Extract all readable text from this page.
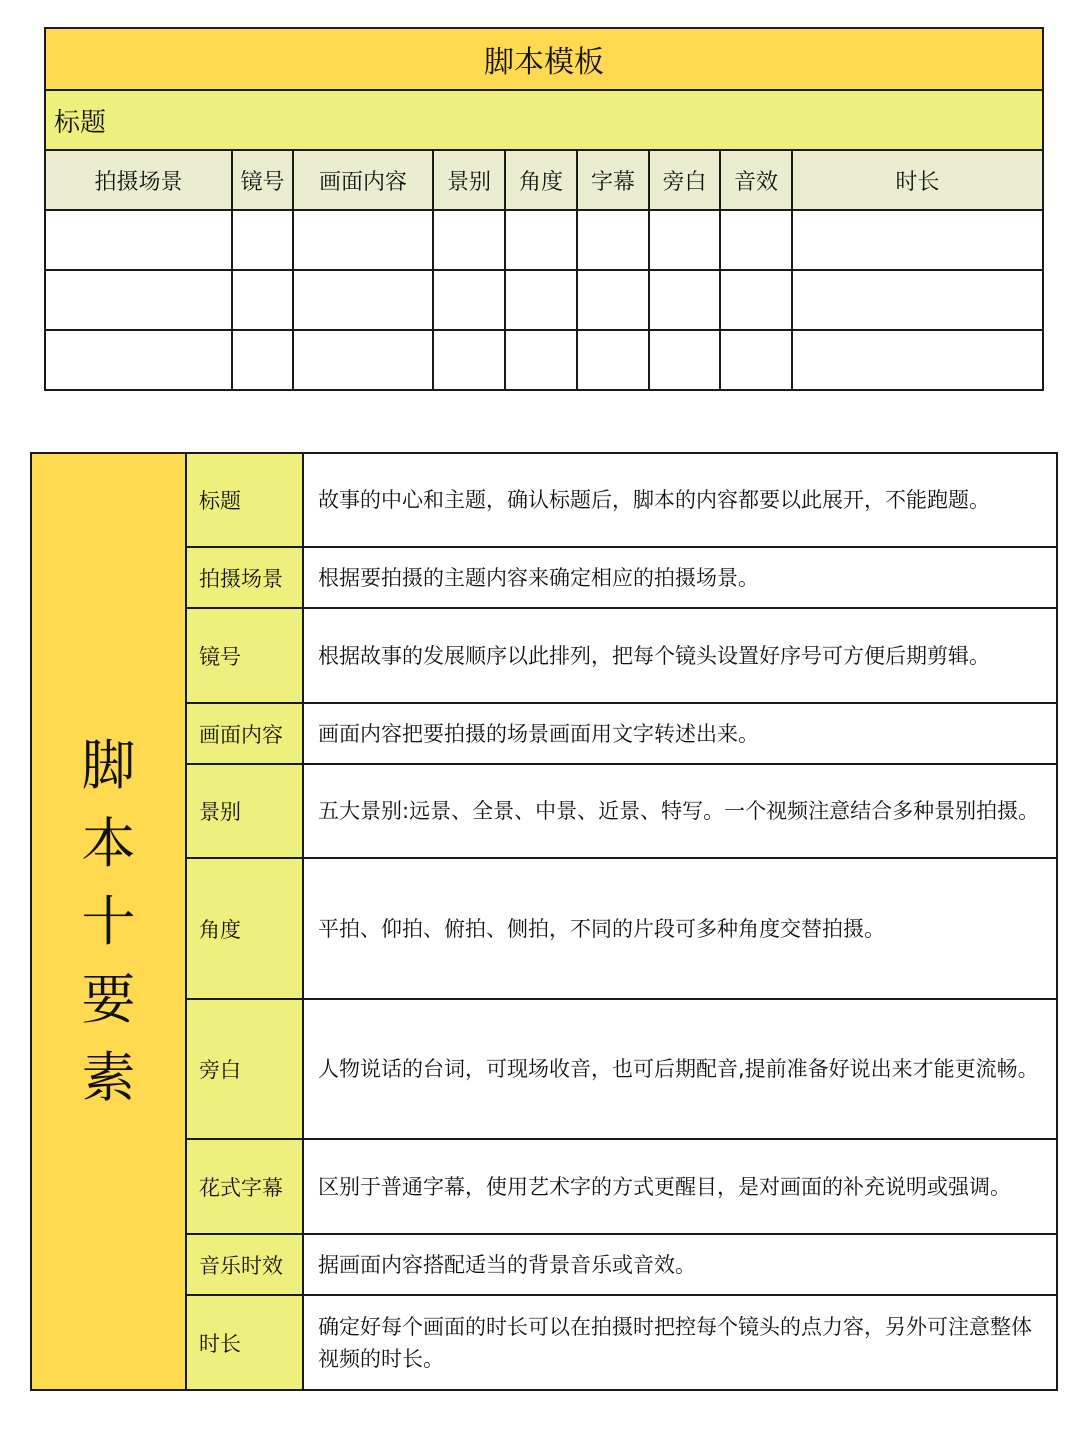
脚本模板								
标题								
拍摄场景	镜号	画面内容	景别	角度	字幕	旁白	音效	时长

脚
本
十
要
素	标题	故事的中心和主题，确认标题后，脚本的内容都要以此展开，不能跑题。
	拍摄场景	根据要拍摄的主题内容来确定相应的拍摄场景。
	镜号	根据故事的发展顺序以此排列，把每个镜头设置好序号可方便后期剪辑。
	画面内容	画面内容把要拍摄的场景画面用文字转述出来。
	景别	五大景别:远景、全景、中景、近景、特写。一个视频注意结合多种景别拍摄。
	角度	平拍、仰拍、俯拍、侧拍，不同的片段可多种角度交替拍摄。
	旁白	人物说话的台词，可现场收音，也可后期配音,提前准备好说出来才能更流畅。
	花式字幕	区别于普通字幕，使用艺术字的方式更醒目，是对画面的补充说明或强调。
	音乐时效	据画面内容搭配适当的背景音乐或音效。
	时长	确定好每个画面的时长可以在拍摄时把控每个镜头的点力容，另外可注意整体视频的时长。
